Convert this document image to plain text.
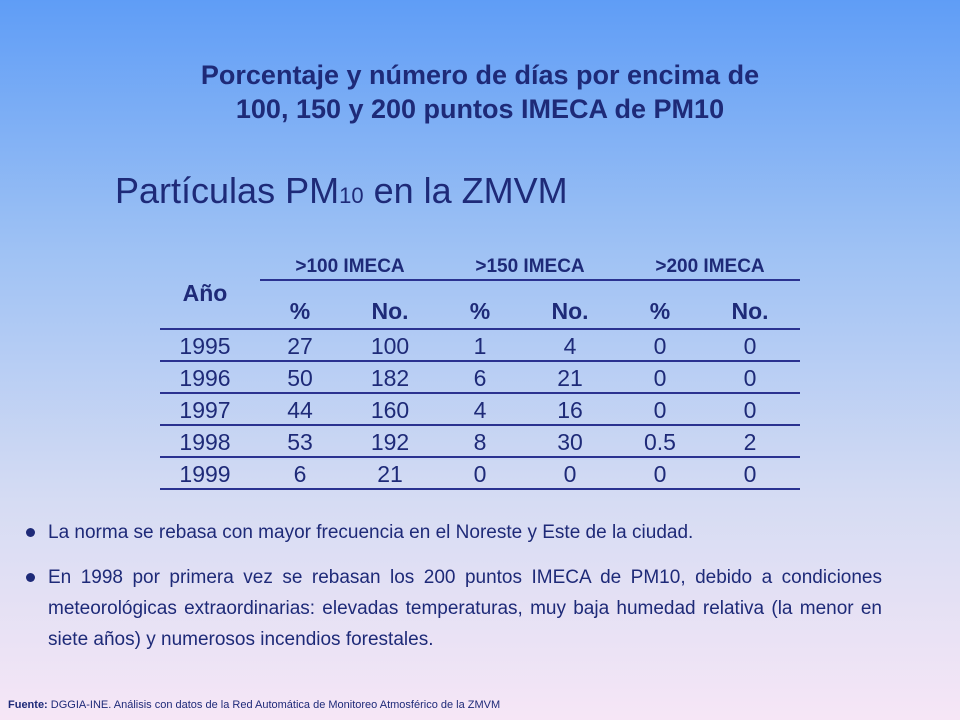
Porcentaje y número de días por encima de
100, 150 y 200 puntos IMECA de PM10
Partículas PM10 en la ZMVM
>100 IMECA	>150 IMECA	>200 IMECA
Año
%	No.	%	No.	%	No.
1995	27	100	1	4	0	0
1996	50	182	6	21	0	0
1997	44	160	4	16	0	0
1998	53	192	8	30	0.5	2
1999	6	21	0	0	0	0
La norma se rebasa con mayor frecuencia en el Noreste y Este de la ciudad.
En 1998 por primera vez se rebasan los 200 puntos IMECA de PM10, debido a condiciones meteorológicas extraordinarias: elevadas temperaturas, muy baja humedad relativa (la menor en siete años) y numerosos incendios forestales.
Fuente: DGGIA-INE. Análisis con datos de la Red Automática de Monitoreo Atmosférico de la ZMVM
